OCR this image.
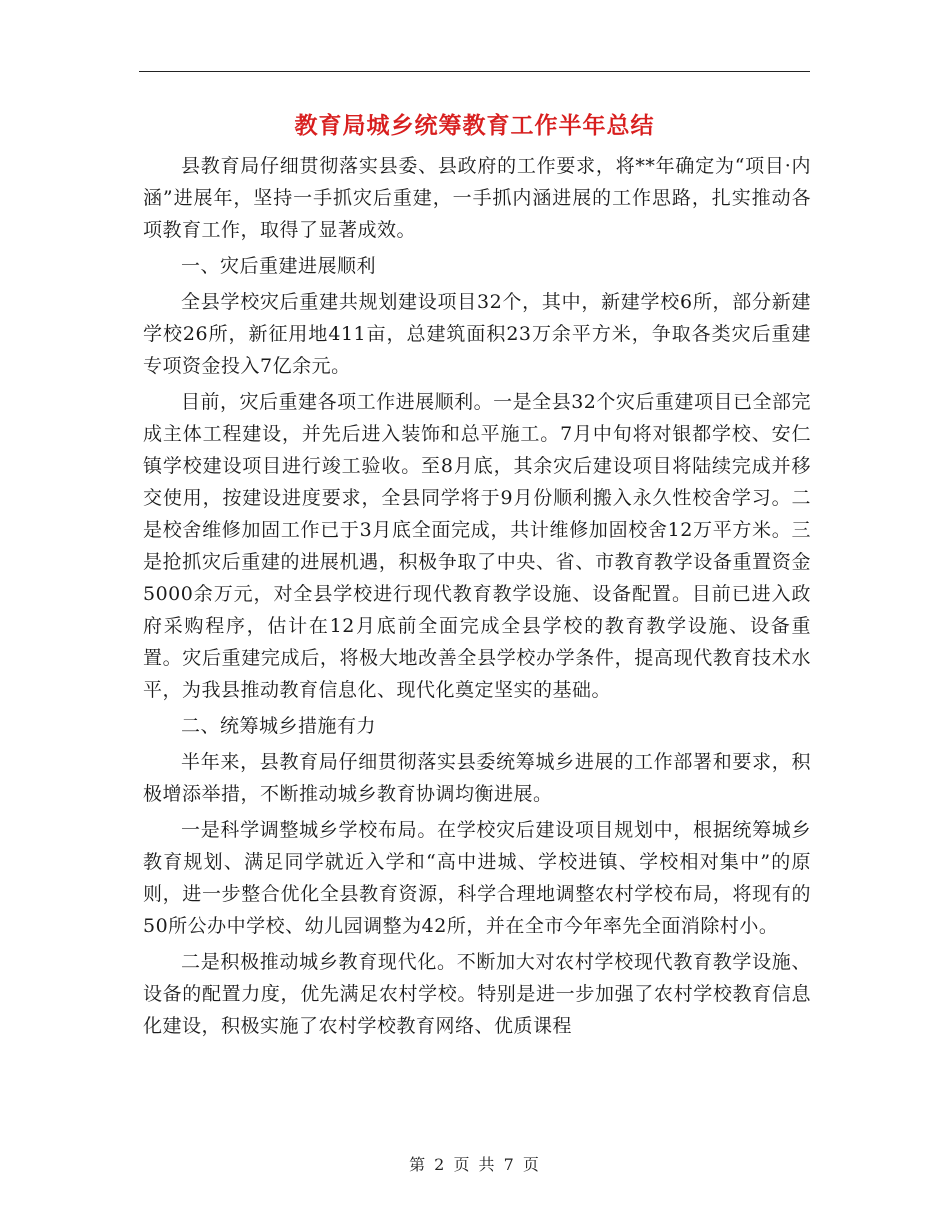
教育局城乡统筹教育工作半年总结

县教育局仔细贯彻落实县委、县政府的工作要求，将**年确定为“项目·内涵”进展年，坚持一手抓灾后重建，一手抓内涵进展的工作思路，扎实推动各项教育工作，取得了显著成效。

一、灾后重建进展顺利

全县学校灾后重建共规划建设项目32个，其中，新建学校6所，部分新建学校26所，新征用地411亩，总建筑面积23万余平方米，争取各类灾后重建专项资金投入7亿余元。

目前，灾后重建各项工作进展顺利。一是全县32个灾后重建项目已全部完成主体工程建设，并先后进入装饰和总平施工。7月中旬将对银都学校、安仁镇学校建设项目进行竣工验收。至8月底，其余灾后建设项目将陆续完成并移交使用，按建设进度要求，全县同学将于9月份顺利搬入永久性校舍学习。二是校舍维修加固工作已于3月底全面完成，共计维修加固校舍12万平方米。三是抢抓灾后重建的进展机遇，积极争取了中央、省、市教育教学设备重置资金5000余万元，对全县学校进行现代教育教学设施、设备配置。目前已进入政府采购程序，估计在12月底前全面完成全县学校的教育教学设施、设备重置。灾后重建完成后，将极大地改善全县学校办学条件，提高现代教育技术水平，为我县推动教育信息化、现代化奠定坚实的基础。

二、统筹城乡措施有力

半年来，县教育局仔细贯彻落实县委统筹城乡进展的工作部署和要求，积极增添举措，不断推动城乡教育协调均衡进展。

一是科学调整城乡学校布局。在学校灾后建设项目规划中，根据统筹城乡教育规划、满足同学就近入学和“高中进城、学校进镇、学校相对集中”的原则，进一步整合优化全县教育资源，科学合理地调整农村学校布局，将现有的50所公办中学校、幼儿园调整为42所，并在全市今年率先全面消除村小。

二是积极推动城乡教育现代化。不断加大对农村学校现代教育教学设施、设备的配置力度，优先满足农村学校。特别是进一步加强了农村学校教育信息化建设，积极实施了农村学校教育网络、优质课程

第 2 页 共 7 页
